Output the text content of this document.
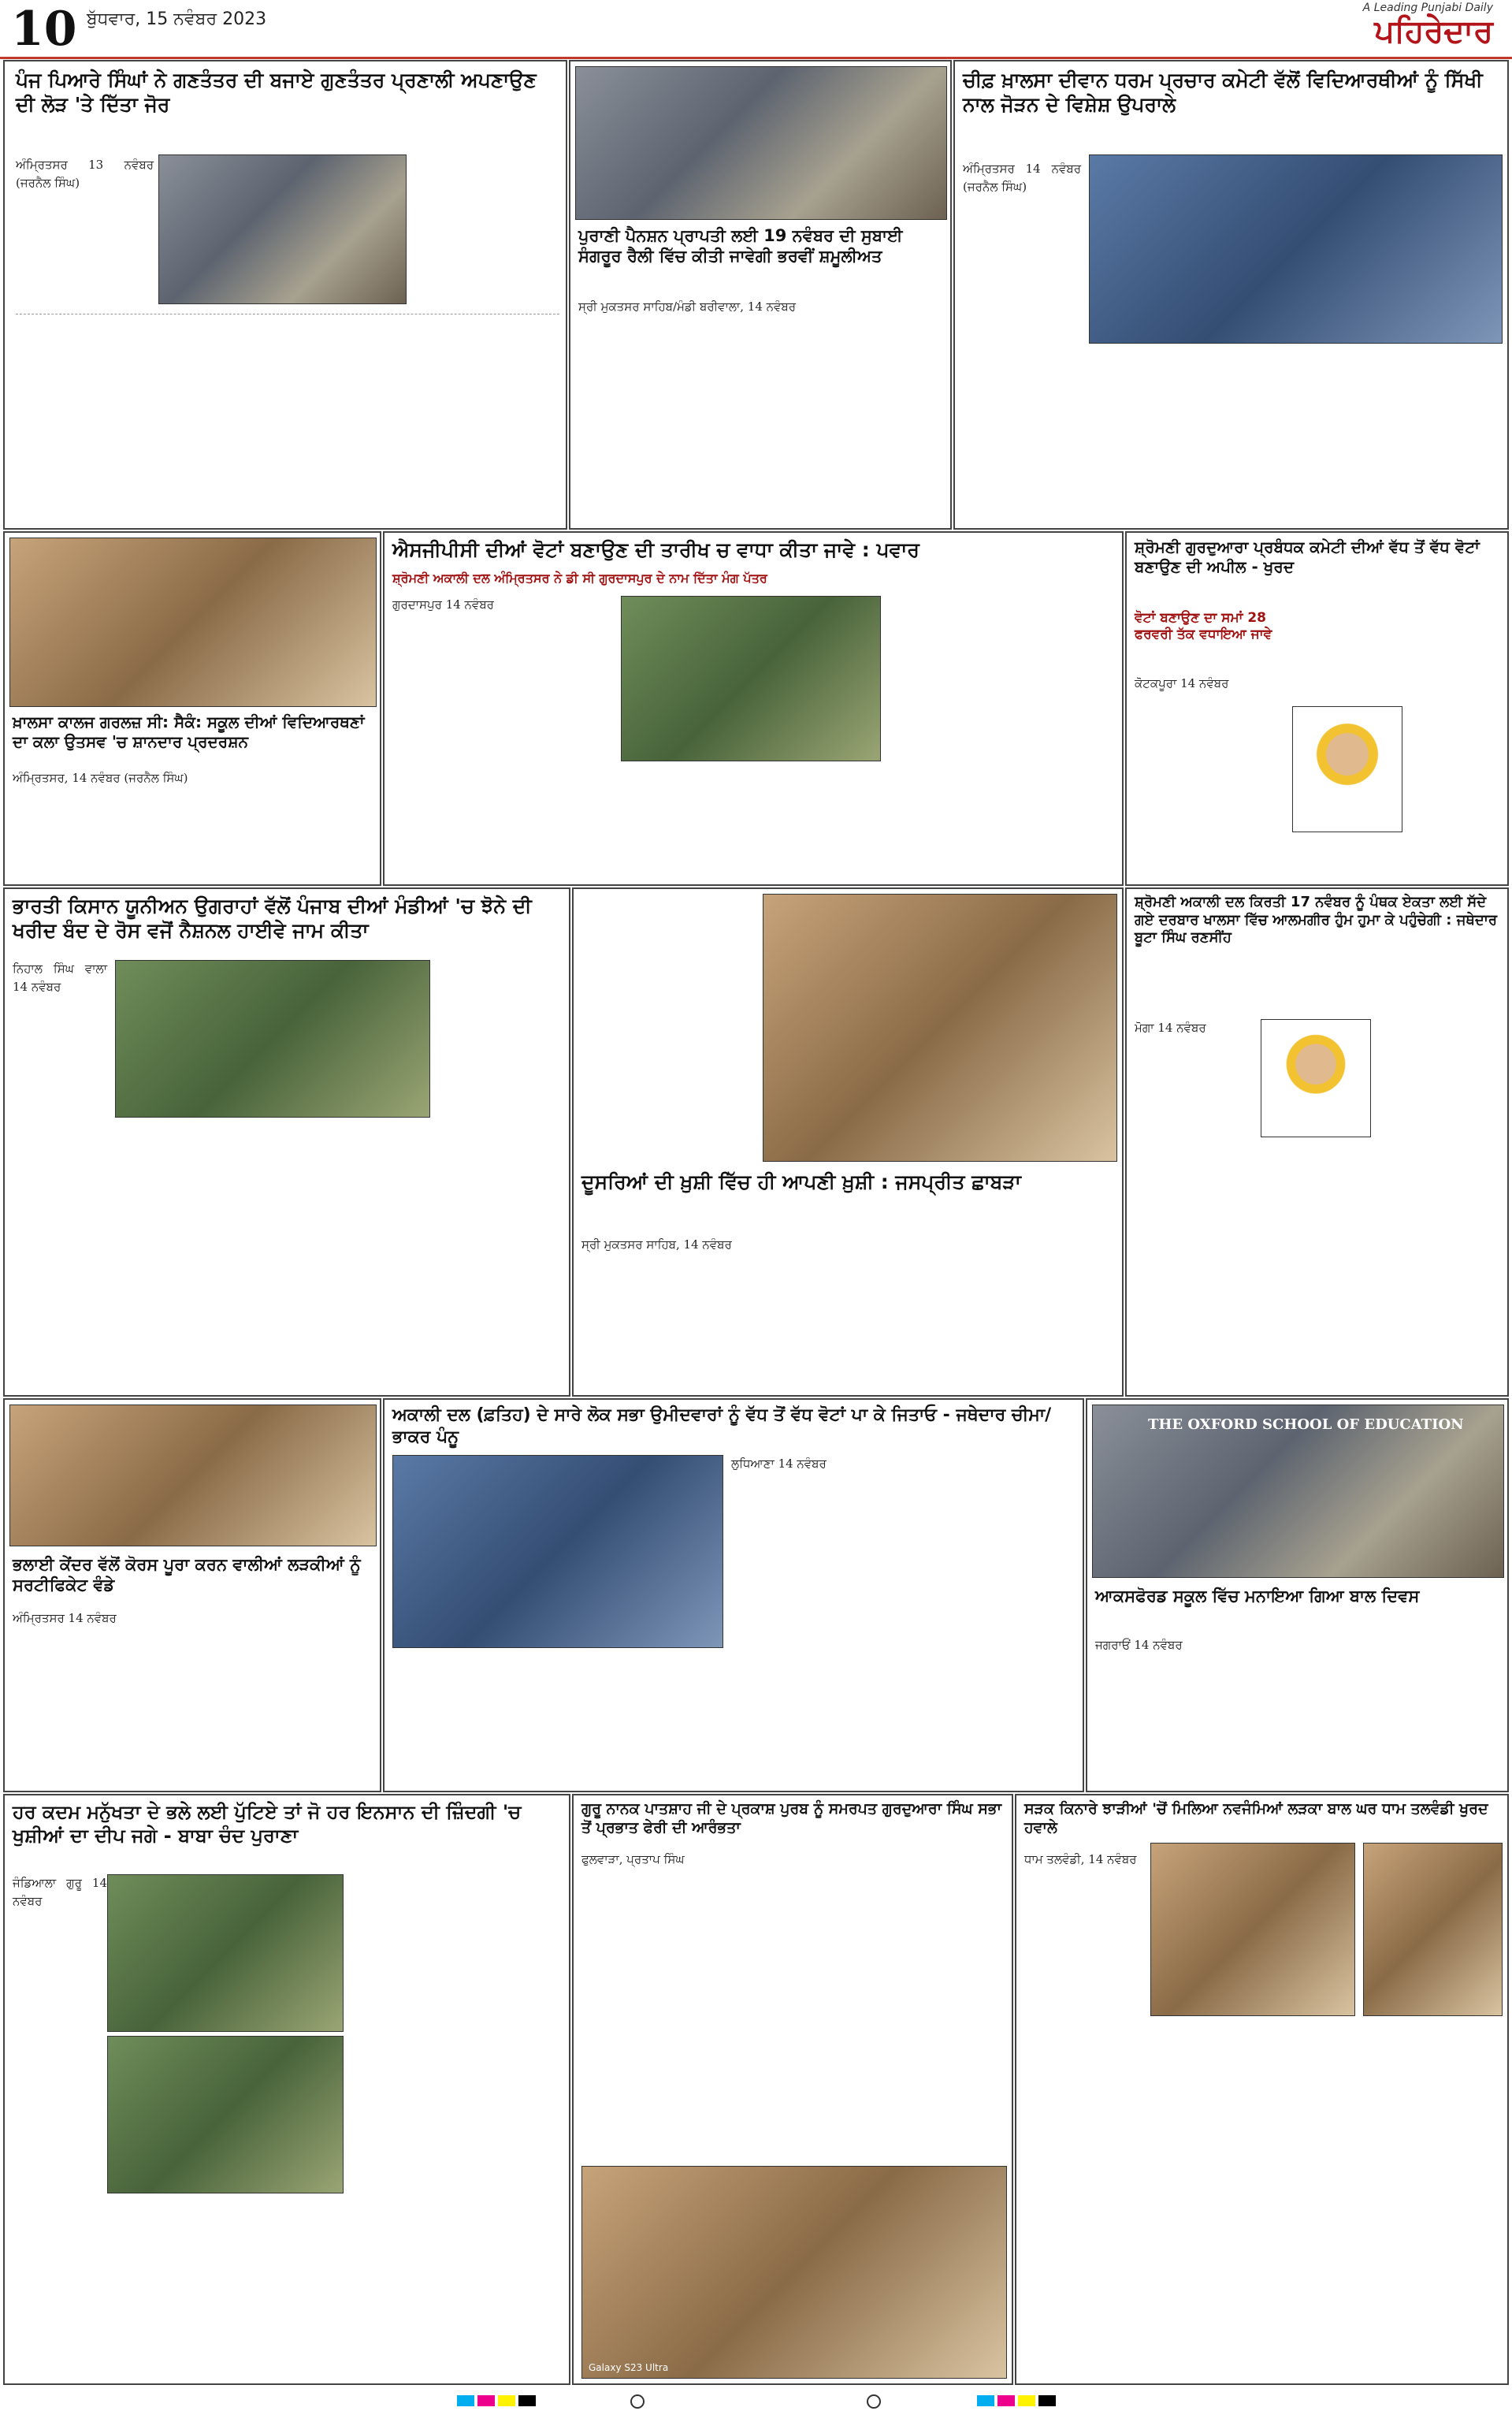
10 ਬੁੱਧਵਾਰ, 15 ਨਵੰਬਰ 2023
A Leading Punjabi Daily
ਪਹਿਰੇਦਾਰ
ਪੰਜ ਪਿਆਰੇ ਸਿੰਘਾਂ ਨੇ ਗਣਤੰਤਰ ਦੀ ਬਜਾਏ ਗੁਣਤੰਤਰ ਪ੍ਰਣਾਲੀ ਅਪਣਾਉਣ ਦੀ ਲੋੜ 'ਤੇ ਦਿੱਤਾ ਜੋਰ
ਅੰਮ੍ਰਿਤਸਰ 13 ਨਵੰਬਰ (ਜਰਨੈਲ ਸਿੰਘ)
ਪੁਰਾਣੀ ਪੈਨਸ਼ਨ ਪ੍ਰਾਪਤੀ ਲਈ 19 ਨਵੰਬਰ ਦੀ ਸੁਬਾਈ ਸੰਗਰੂਰ ਰੈਲੀ ਵਿੱਚ ਕੀਤੀ ਜਾਵੇਗੀ ਭਰਵੀਂ ਸ਼ਮੂਲੀਅਤ
ਸ੍ਰੀ ਮੁਕਤਸਰ ਸਾਹਿਬ/ਮੰਡੀ ਬਰੀਵਾਲਾ, 14 ਨਵੰਬਰ
ਚੀਫ਼ ਖ਼ਾਲਸਾ ਦੀਵਾਨ ਧਰਮ ਪ੍ਰਚਾਰ ਕਮੇਟੀ ਵੱਲੋਂ ਵਿਦਿਆਰਥੀਆਂ ਨੂੰ ਸਿੱਖੀ ਨਾਲ ਜੋੜਨ ਦੇ ਵਿਸ਼ੇਸ਼ ਉਪਰਾਲੇ
ਅੰਮ੍ਰਿਤਸਰ 14 ਨਵੰਬਰ (ਜਰਨੈਲ ਸਿੰਘ)
ਖ਼ਾਲਸਾ ਕਾਲਜ ਗਰਲਜ਼ ਸੀ: ਸੈਕੰ: ਸਕੂਲ ਦੀਆਂ ਵਿਦਿਆਰਥਣਾਂ ਦਾ ਕਲਾ ਉਤਸਵ 'ਚ ਸ਼ਾਨਦਾਰ ਪ੍ਰਦਰਸ਼ਨ
ਅੰਮ੍ਰਿਤਸਰ, 14 ਨਵੰਬਰ (ਜਰਨੈਲ ਸਿੰਘ)
ਐਸਜੀਪੀਸੀ ਦੀਆਂ ਵੋਟਾਂ ਬਣਾਉਣ ਦੀ ਤਾਰੀਖ ਚ ਵਾਧਾ ਕੀਤਾ ਜਾਵੇ : ਪਵਾਰ
ਸ਼੍ਰੋਮਣੀ ਅਕਾਲੀ ਦਲ ਅੰਮ੍ਰਿਤਸਰ ਨੇ ਡੀ ਸੀ ਗੁਰਦਾਸਪੁਰ ਦੇ ਨਾਮ ਦਿੱਤਾ ਮੰਗ ਪੱਤਰ
ਗੁਰਦਾਸਪੁਰ 14 ਨਵੰਬਰ
ਸ਼੍ਰੋਮਣੀ ਗੁਰਦੁਆਰਾ ਪ੍ਰਬੰਧਕ ਕਮੇਟੀ ਦੀਆਂ ਵੱਧ ਤੋਂ ਵੱਧ ਵੋਟਾਂ ਬਣਾਉਣ ਦੀ ਅਪੀਲ - ਖੁਰਦ
ਵੋਟਾਂ ਬਣਾਉਣ ਦਾ ਸਮਾਂ 28 ਫਰਵਰੀ ਤੱਕ ਵਧਾਇਆ ਜਾਵੇ
ਕੋਟਕਪੂਰਾ 14 ਨਵੰਬਰ
ਭਾਰਤੀ ਕਿਸਾਨ ਯੂਨੀਅਨ ਉਗਰਾਹਾਂ ਵੱਲੋਂ ਪੰਜਾਬ ਦੀਆਂ ਮੰਡੀਆਂ 'ਚ ਝੋਨੇ ਦੀ ਖਰੀਦ ਬੰਦ ਦੇ ਰੋਸ ਵਜੋਂ ਨੈਸ਼ਨਲ ਹਾਈਵੇ ਜਾਮ ਕੀਤਾ
ਨਿਹਾਲ ਸਿੰਘ ਵਾਲਾ 14 ਨਵੰਬਰ
ਦੂਸਰਿਆਂ ਦੀ ਖ਼ੁਸ਼ੀ ਵਿੱਚ ਹੀ ਆਪਣੀ ਖ਼ੁਸ਼ੀ : ਜਸਪ੍ਰੀਤ ਛਾਬੜਾ
ਸ੍ਰੀ ਮੁਕਤਸਰ ਸਾਹਿਬ, 14 ਨਵੰਬਰ
ਸ਼੍ਰੋਮਣੀ ਅਕਾਲੀ ਦਲ ਕਿਰਤੀ 17 ਨਵੰਬਰ ਨੂੰ ਪੰਥਕ ਏਕਤਾ ਲਈ ਸੱਦੇ ਗਏ ਦਰਬਾਰ ਖਾਲਸਾ ਵਿੱਚ ਆਲਮਗੀਰ ਹੁੰਮ ਹੁਮਾ ਕੇ ਪਹੁੰਚੇਗੀ : ਜਥੇਦਾਰ ਬੂਟਾ ਸਿੰਘ ਰਣਸੀਂਹ
ਮੋਗਾ 14 ਨਵੰਬਰ
ਅਕਾਲੀ ਦਲ (ਫ਼ਤਿਹ) ਦੇ ਸਾਰੇ ਲੋਕ ਸਭਾ ਉਮੀਦਵਾਰਾਂ ਨੂੰ ਵੱਧ ਤੋਂ ਵੱਧ ਵੋਟਾਂ ਪਾ ਕੇ ਜਿਤਾਓ - ਜਥੇਦਾਰ ਚੀਮਾ/ਭਾਕਰ ਪੰਨੂ
ਲੁਧਿਆਣਾ 14 ਨਵੰਬਰ
ਭਲਾਈ ਕੇਂਦਰ ਵੱਲੋਂ ਕੋਰਸ ਪੂਰਾ ਕਰਨ ਵਾਲੀਆਂ ਲੜਕੀਆਂ ਨੂੰ ਸਰਟੀਫਿਕੇਟ ਵੰਡੇ
ਅੰਮ੍ਰਿਤਸਰ 14 ਨਵੰਬਰ
THE OXFORD SCHOOL OF EDUCATION
ਆਕਸਫੋਰਡ ਸਕੂਲ ਵਿੱਚ ਮਨਾਇਆ ਗਿਆ ਬਾਲ ਦਿਵਸ
ਜਗਰਾਓਂ 14 ਨਵੰਬਰ
ਹਰ ਕਦਮ ਮਨੁੱਖਤਾ ਦੇ ਭਲੇ ਲਈ ਪੁੱਟਿਏ ਤਾਂ ਜੋ ਹਰ ਇਨਸਾਨ ਦੀ ਜ਼ਿੰਦਗੀ 'ਚ ਖੁਸ਼ੀਆਂ ਦਾ ਦੀਪ ਜਗੇ - ਬਾਬਾ ਚੰਦ ਪੁਰਾਣਾ
ਜੰਡਿਆਲਾ ਗੁਰੂ 14 ਨਵੰਬਰ
ਗੁਰੂ ਨਾਨਕ ਪਾਤਸ਼ਾਹ ਜੀ ਦੇ ਪ੍ਰਕਾਸ਼ ਪੁਰਬ ਨੂੰ ਸਮਰਪਤ ਗੁਰਦੁਆਰਾ ਸਿੰਘ ਸਭਾ ਤੋਂ ਪ੍ਰਭਾਤ ਫੇਰੀ ਦੀ ਆਰੰਭਤਾ
ਫੁਲਵਾੜਾ, ਪ੍ਰਤਾਪ ਸਿੰਘ
Galaxy S23 Ultra
ਸੜਕ ਕਿਨਾਰੇ ਝਾੜੀਆਂ 'ਚੋਂ ਮਿਲਿਆ ਨਵਜੰਮਿਆਂ ਲੜਕਾ ਬਾਲ ਘਰ ਧਾਮ ਤਲਵੰਡੀ ਖੁਰਦ ਹਵਾਲੇ
ਧਾਮ ਤਲਵੰਡੀ, 14 ਨਵੰਬਰ
